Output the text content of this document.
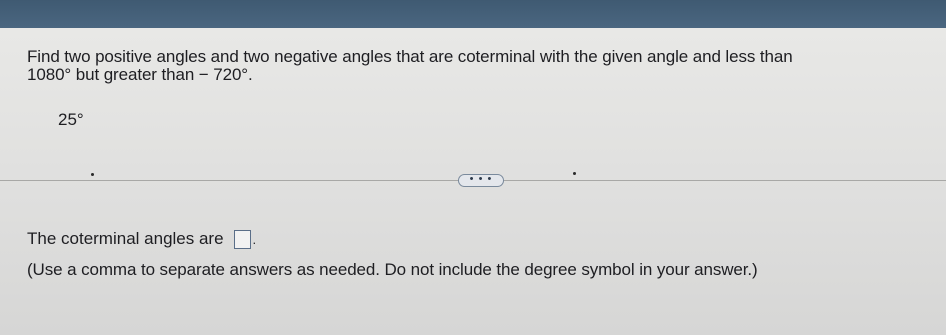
Find two positive angles and two negative angles that are coterminal with the given angle and less than
1080° but greater than − 720°.
25°
• • •
The coterminal angles are .
(Use a comma to separate answers as needed. Do not include the degree symbol in your answer.)
